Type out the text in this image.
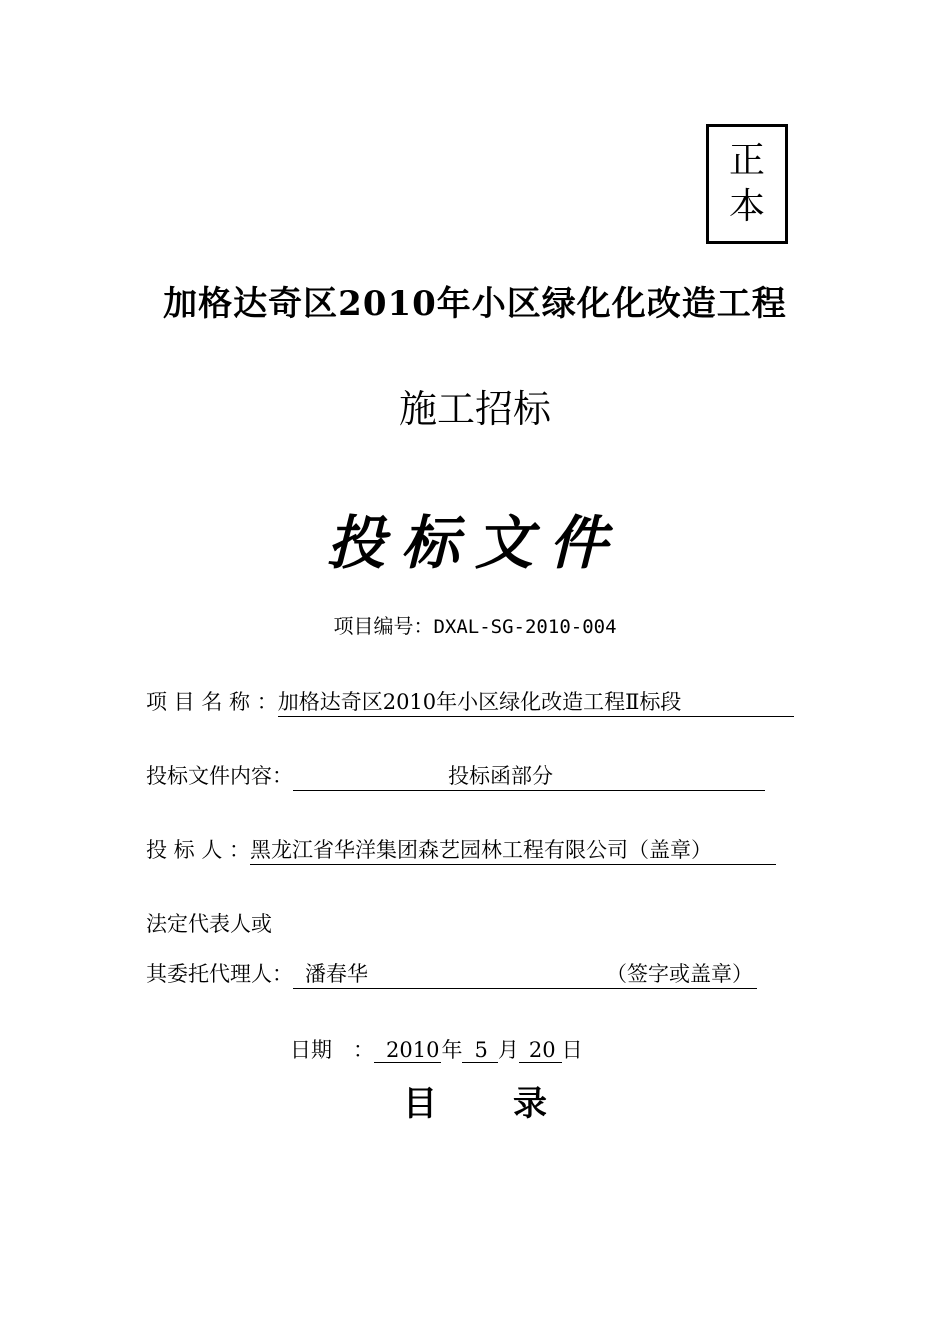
正
本
加格达奇区2010年小区绿化化改造工程
施工招标
投标文件
项目编号：DXAL-SG-2010-004
项 目 名 称 ：加格达奇区2010年小区绿化改造工程Ⅱ标段
投标文件内容：	投标函部分
投 标 人 ：黑龙江省华洋集团森艺园林工程有限公司（盖章）
法定代表人或
其委托代理人： 潘春华	（签字或盖章）
日期　： 2010年 5 月 20 日
目 录
